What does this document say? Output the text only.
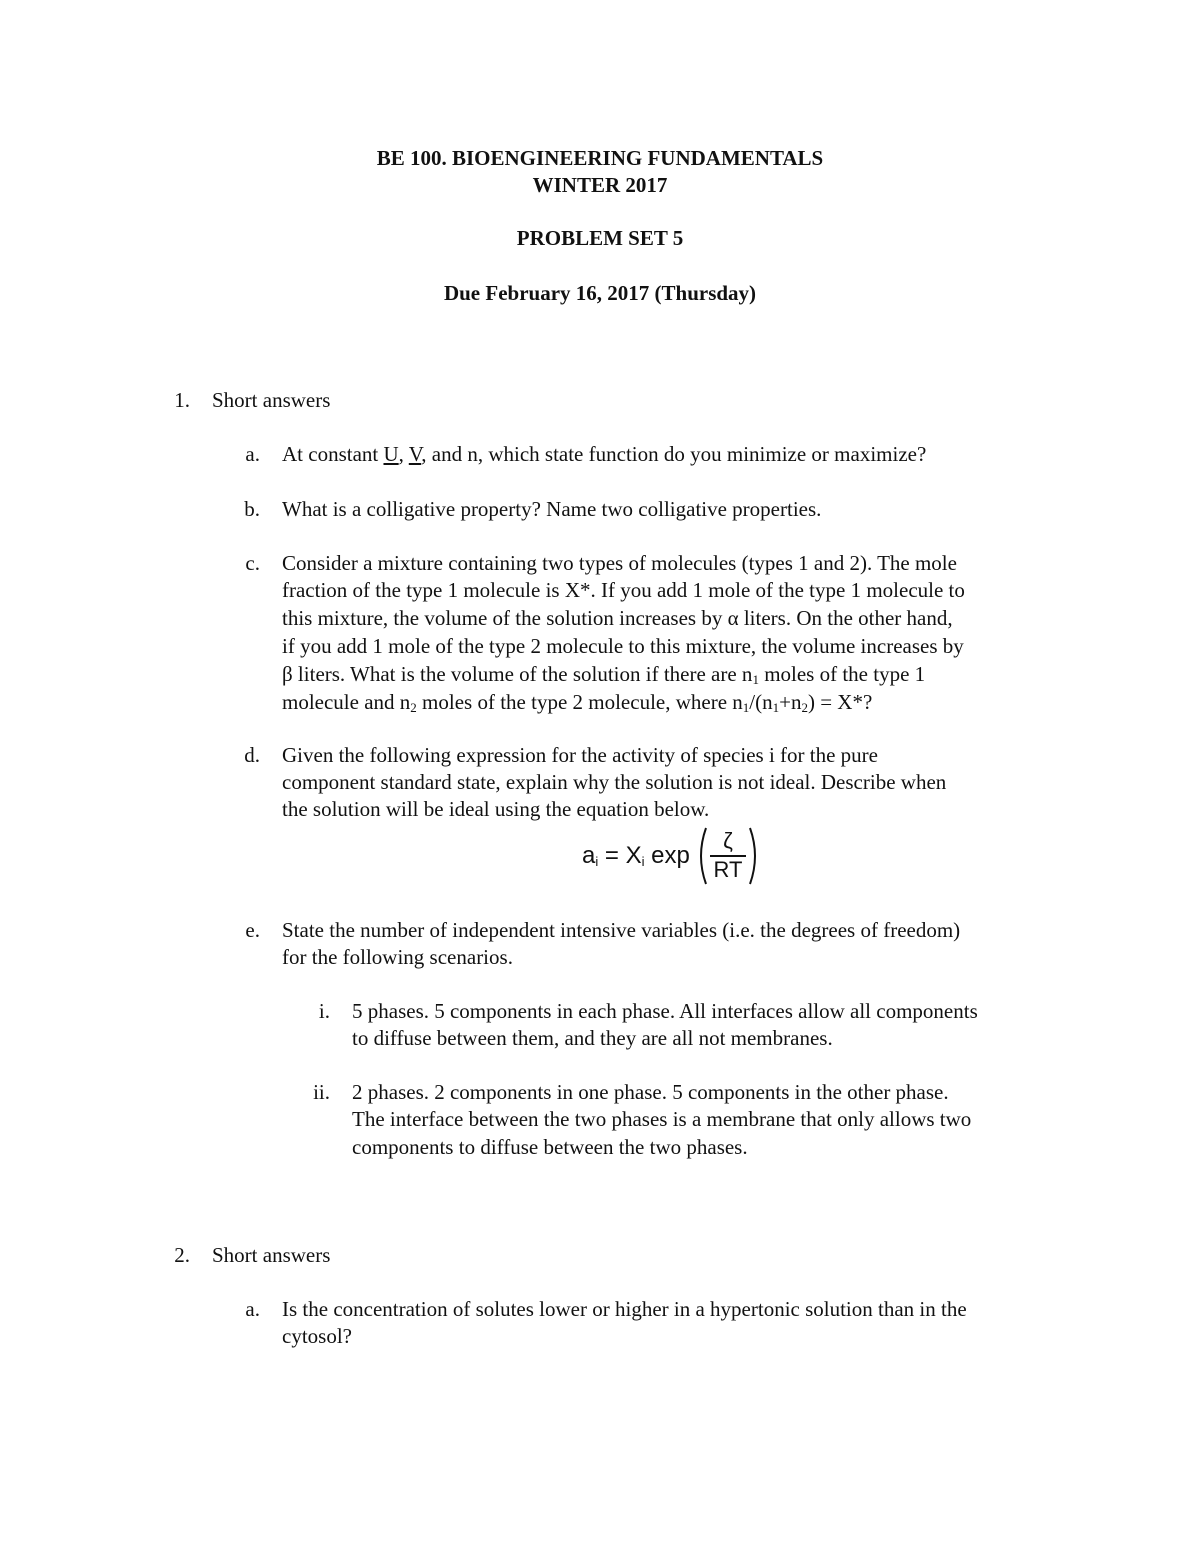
BE 100. BIOENGINEERING FUNDAMENTALS
WINTER 2017
PROBLEM SET 5
Due February 16, 2017 (Thursday)
1. Short answers
a. At constant U, V, and n, which state function do you minimize or maximize?
b. What is a colligative property? Name two colligative properties.
c. Consider a mixture containing two types of molecules (types 1 and 2). The mole
fraction of the type 1 molecule is X*. If you add 1 mole of the type 1 molecule to
this mixture, the volume of the solution increases by α liters. On the other hand,
if you add 1 mole of the type 2 molecule to this mixture, the volume increases by
β liters. What is the volume of the solution if there are $n_1$ moles of the type 1
molecule and $n_2$ moles of the type 2 molecule, where $n_1/(n_1+n_2) = X*$?
d. Given the following expression for the activity of species i for the pure
component standard state, explain why the solution is not ideal. Describe when
the solution will be ideal using the equation below.
$a_i = X_i$ exp
ζ
RT
e. State the number of independent intensive variables (i.e. the degrees of freedom)
for the following scenarios.
i. 5 phases. 5 components in each phase. All interfaces allow all components
to diffuse between them, and they are all not membranes.
ii. 2 phases. 2 components in one phase. 5 components in the other phase.
The interface between the two phases is a membrane that only allows two
components to diffuse between the two phases.
2. Short answers
a. Is the concentration of solutes lower or higher in a hypertonic solution than in the
cytosol?
